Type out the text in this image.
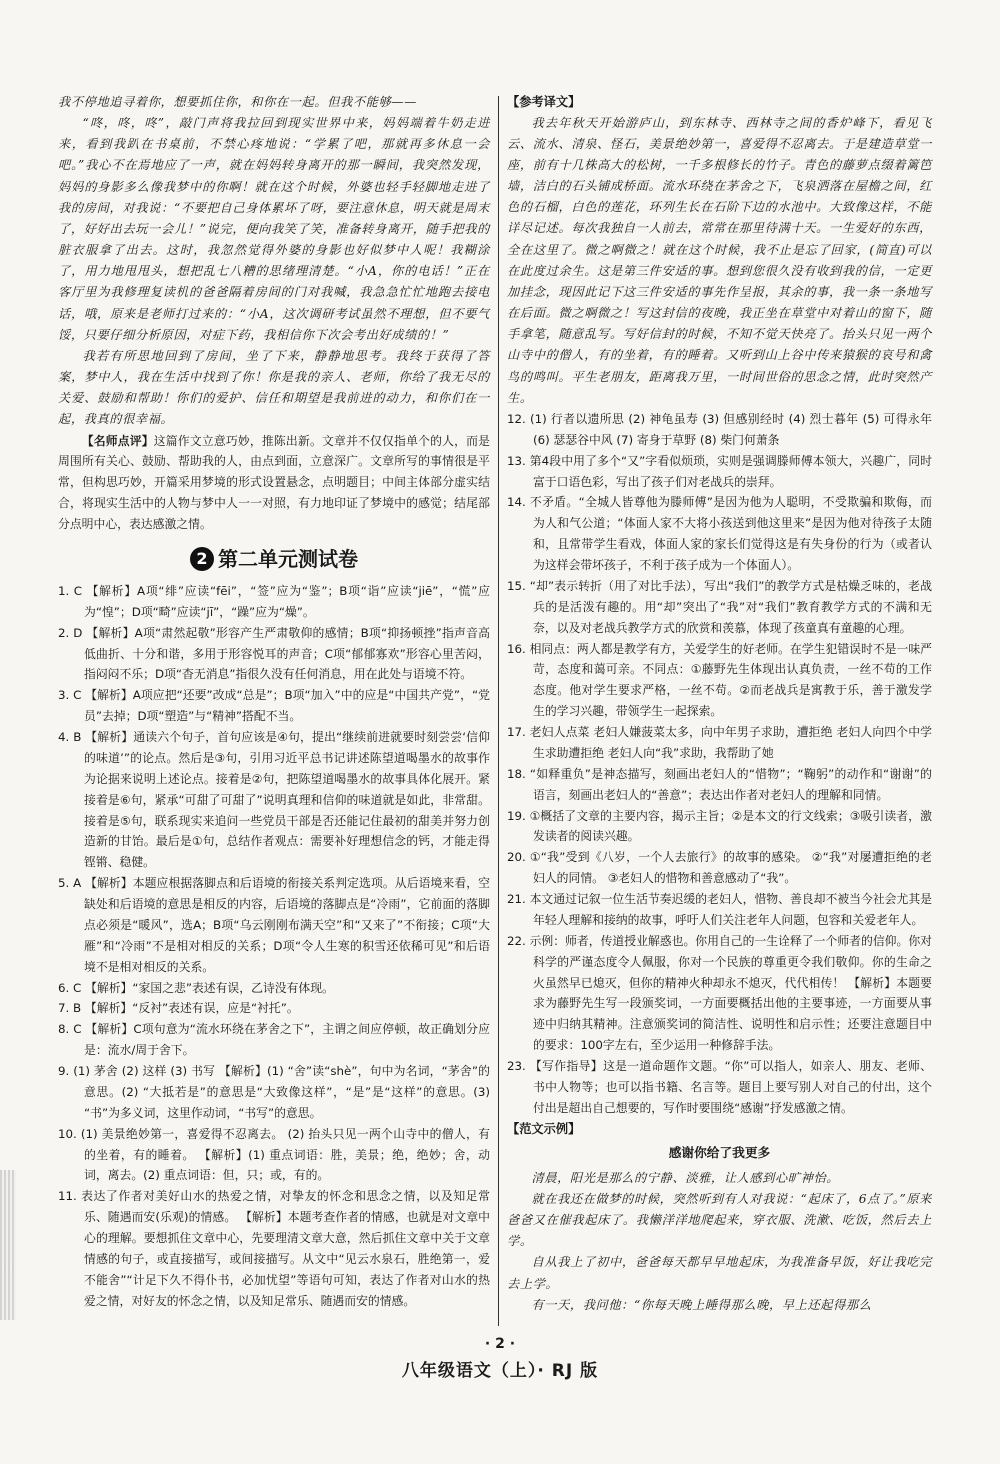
我不停地追寻着你，想要抓住你，和你在一起。但我不能够——

“咚，咚，咚”，敲门声将我拉回到现实世界中来，妈妈端着牛奶走进来，看到我趴在书桌前，不禁心疼地说：“学累了吧，那就再多休息一会吧。”我心不在焉地应了一声，就在妈妈转身离开的那一瞬间，我突然发现，妈妈的身影多么像我梦中的你啊！就在这个时候，外婆也轻手轻脚地走进了我的房间，对我说：“不要把自己身体累坏了呀，要注意休息，明天就是周末了，好好出去玩一会儿！”说完，便向我笑了笑，准备转身离开，随手把我的脏衣服拿了出去。这时，我忽然觉得外婆的身影也好似梦中人呢！我糊涂了，用力地甩甩头，想把乱七八糟的思绪理清楚。“小A，你的电话！”正在客厅里为我修理复读机的爸爸隔着房间的门对我喊，我急急忙忙地跑去接电话，哦，原来是老师打过来的：“小A，这次调研考试虽然不理想，但不要气馁，只要仔细分析原因，对症下药，我相信你下次会考出好成绩的！”

我若有所思地回到了房间，坐了下来，静静地思考。我终于获得了答案，梦中人，我在生活中找到了你！你是我的亲人、老师，你给了我无尽的关爱、鼓励和帮助！你们的爱护、信任和期望是我前进的动力，和你们在一起，我真的很幸福。

【名师点评】这篇作文立意巧妙，推陈出新。文章并不仅仅指单个的人，而是周围所有关心、鼓励、帮助我的人，由点到面，立意深广。文章所写的事情很是平常，但构思巧妙，开篇采用梦境的形式设置悬念，点明题目；中间主体部分虚实结合，将现实生活中的人物与梦中人一一对照，有力地印证了梦境中的感觉；结尾部分点明中心，表达感激之情。

2 第二单元测试卷

1. C 【解析】A项“绯”应读“fēi”，“签”应为“鉴”；B项“诣”应读“jiē”，“慌”应为“惶”；D项“畸”应读“jī”，“躁”应为“燥”。

2. D 【解析】A项“肃然起敬”形容产生严肃敬仰的感情；B项“抑扬顿挫”指声音高低曲折、十分和谐，多用于形容悦耳的声音；C项“郁郁寡欢”形容心里苦闷，指闷闷不乐；D项“杳无消息”指很久没有任何消息，用在此处与语境不符。

3. C 【解析】A项应把“还要”改成“总是”；B项“加入”中的应是“中国共产党”，“党员”去掉；D项“塑造”与“精神”搭配不当。

4. B 【解析】通读六个句子，首句应该是④句，提出“继续前进就要时刻尝尝‘信仰的味道’”的论点。然后是③句，引用习近平总书记讲述陈望道喝墨水的故事作为论据来说明上述论点。接着是②句，把陈望道喝墨水的故事具体化展开。紧接着是⑥句，紧承“可甜了可甜了”说明真理和信仰的味道就是如此，非常甜。接着是⑤句，联系现实来追问一些党员干部是否还能记住最初的甜美并努力创造新的甘饴。最后是①句，总结作者观点：需要补好理想信念的钙，才能走得铿锵、稳健。

5. A 【解析】本题应根据落脚点和后语境的衔接关系判定选项。从后语境来看，空缺处和后语境的意思是相反的内容，后语境的落脚点是“冷雨”，它前面的落脚点必须是“暖风”，选A；B项“乌云刚刚布满天空”和“又来了”不衔接；C项“大雁”和“冷雨”不是相对相反的关系；D项“令人生寒的积雪还依稀可见”和后语境不是相对相反的关系。

6. C 【解析】“家国之悲”表述有误，乙诗没有体现。

7. B 【解析】“反衬”表述有误，应是“衬托”。

8. C 【解析】C项句意为“流水环绕在茅舍之下”，主谓之间应停顿，故正确划分应是：流水/周于舍下。

9. (1) 茅舍 (2) 这样 (3) 书写 【解析】(1) “舍”读“shè”，句中为名词，“茅舍”的意思。(2) “大抵若是”的意思是“大致像这样”，“是”是“这样”的意思。(3) “书”为多义词，这里作动词，“书写”的意思。

10. (1) 美景绝妙第一，喜爱得不忍离去。 (2) 抬头只见一两个山寺中的僧人，有的坐着，有的睡着。 【解析】(1) 重点词语：胜，美景；绝，绝妙；舍，动词，离去。(2) 重点词语：但，只；或，有的。

11. 表达了作者对美好山水的热爱之情，对挚友的怀念和思念之情，以及知足常乐、随遇而安(乐观)的情感。 【解析】本题考查作者的情感，也就是对文章中心的理解。要想抓住文章中心，先要理清文章大意，然后抓住文章中关于文章情感的句子，或直接描写，或间接描写。从文中“见云水泉石，胜绝第一，爱不能舍”“计足下久不得仆书，必加忧望”等语句可知，表达了作者对山水的热爱之情，对好友的怀念之情，以及知足常乐、随遇而安的情感。

【参考译文】

我去年秋天开始游庐山，到东林寺、西林寺之间的香炉峰下，看见飞云、流水、清泉、怪石，美景绝妙第一，喜爱得不忍离去。于是建造草堂一座，前有十几株高大的松树，一千多根修长的竹子。青色的藤萝点缀着篱笆墙，洁白的石头铺成桥面。流水环绕在茅舍之下，飞泉洒落在屋檐之间，红色的石榴，白色的莲花，环列生长在石阶下边的水池中。大致像这样，不能详尽记述。每次我独自一人前去，常常在那里待满十天。一生爱好的东西，全在这里了。微之啊微之！就在这个时候，我不止是忘了回家，(简直)可以在此度过余生。这是第三件安适的事。想到您很久没有收到我的信，一定更加挂念，现因此记下这三件安适的事先作呈报，其余的事，我一条一条地写在后面。微之啊微之！写这封信的夜晚，我正坐在草堂中对着山的窗下，随手拿笔，随意乱写。写好信封的时候，不知不觉天快亮了。抬头只见一两个山寺中的僧人，有的坐着，有的睡着。又听到山上谷中传来猿猴的哀号和禽鸟的鸣叫。平生老朋友，距离我万里，一时间世俗的思念之情，此时突然产生。

12. (1) 行者以遗所思 (2) 神龟虽寿 (3) 但感别经时 (4) 烈士暮年 (5) 可得永年 (6) 瑟瑟谷中风 (7) 寄身于草野 (8) 柴门何萧条

13. 第4段中用了多个“又”字看似烦琐，实则是强调滕师傅本领大，兴趣广，同时富于口语色彩，写出了孩子们对老战兵的崇拜。

14. 不矛盾。“全城人皆尊他为滕师傅”是因为他为人聪明，不受欺骗和欺侮，而为人和气公道；“体面人家不大将小孩送到他这里来”是因为他对待孩子太随和，且常带学生看戏，体面人家的家长们觉得这是有失身份的行为（或者认为这样会带坏孩子，不利于孩子成为一个体面人）。

15. “却”表示转折（用了对比手法），写出“我们”的教学方式是枯燥乏味的，老战兵的是活泼有趣的。用“却”突出了“我”对“我们”教育教学方式的不满和无奈，以及对老战兵教学方式的欣赏和羡慕，体现了孩童真有童趣的心理。

16. 相同点：两人都是教学有方，关爱学生的好老师。在学生犯错误时不是一味严苛，态度和蔼可亲。不同点：①藤野先生体现出认真负责，一丝不苟的工作态度。他对学生要求严格，一丝不苟。②而老战兵是寓教于乐，善于激发学生的学习兴趣，带领学生一起探索。

17. 老妇人点菜 老妇人嫌菠菜太多，向中年男子求助，遭拒绝 老妇人向四个中学生求助遭拒绝 老妇人向“我”求助，我帮助了她

18. “如释重负”是神态描写，刻画出老妇人的“惜物”；“鞠躬”的动作和“谢谢”的语言，刻画出老妇人的“善意”；表达出作者对老妇人的理解和同情。

19. ①概括了文章的主要内容，揭示主旨；②是本文的行文线索；③吸引读者，激发读者的阅读兴趣。

20. ①“我”受到《八岁，一个人去旅行》的故事的感染。 ②“我”对屡遭拒绝的老妇人的同情。 ③老妇人的惜物和善意感动了“我”。

21. 本文通过记叙一位生活节奏迟缓的老妇人，惜物、善良却不被当今社会尤其是年轻人理解和接纳的故事，呼吁人们关注老年人问题，包容和关爱老年人。

22. 示例：师者，传道授业解惑也。你用自己的一生诠释了一个师者的信仰。你对科学的严谨态度令人佩服，你对一个民族的尊重更令我们敬仰。你的生命之火虽然早已熄灭，但你的精神火种却永不熄灭，代代相传！ 【解析】本题要求为藤野先生写一段颁奖词，一方面要概括出他的主要事迹，一方面要从事迹中归纳其精神。注意颁奖词的简洁性、说明性和启示性；还要注意题目中的要求：100字左右，至少运用一种修辞手法。

23. 【写作指导】这是一道命题作文题。“你”可以指人，如亲人、朋友、老师、书中人物等；也可以指书籍、名言等。题目上要写别人对自己的付出，这个付出是超出自己想要的，写作时要围绕“感谢”抒发感激之情。

【范文示例】
感谢你给了我更多

清晨，阳光是那么的宁静、淡雅，让人感到心旷神怡。

就在我还在做梦的时候，突然听到有人对我说：“起床了，6点了。”原来爸爸又在催我起床了。我懒洋洋地爬起来，穿衣服、洗漱、吃饭，然后去上学。

自从我上了初中，爸爸每天都早早地起床，为我准备早饭，好让我吃完去上学。

有一天，我问他：“你每天晚上睡得那么晚，早上还起得那么

· 2 ·
八年级语文（上）· RJ 版
